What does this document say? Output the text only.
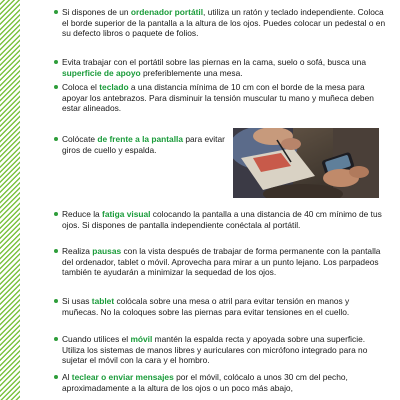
Si dispones de un ordenador portátil, utiliza un ratón y teclado independiente. Coloca el borde superior de la pantalla a la altura de los ojos. Puedes colocar un pedestal o en su defecto libros o paquete de folios.

Evita trabajar con el portátil sobre las piernas en la cama, suelo o sofá, busca una superficie de apoyo preferiblemente una mesa.

Coloca el teclado a una distancia mínima de 10 cm con el borde de la mesa para apoyar los antebrazos. Para disminuir la tensión muscular tu mano y muñeca deben estar alineados.

Colócate de frente a la pantalla para evitar giros de cuello y espalda.

Reduce la fatiga visual colocando la pantalla a una distancia de 40 cm mínimo de tus ojos. Si dispones de pantalla independiente conéctala al portátil.

Realiza pausas con la vista después de trabajar de forma permanente con la pantalla del ordenador, tablet o móvil. Aprovecha para mirar a un punto lejano. Los parpadeos también te ayudarán a minimizar la sequedad de los ojos.

Si usas tablet colócala sobre una mesa o atril para evitar tensión en manos y muñecas. No la coloques sobre las piernas para evitar tensiones en el cuello.

Cuando utilices el móvil mantén la espalda recta y apoyada sobre una superficie. Utiliza los sistemas de manos libres y auriculares con micrófono integrado para no sujetar el móvil con la cara y el hombro.

Al teclear o enviar mensajes por el móvil, colócalo a unos 30 cm del pecho, aproximadamente a la altura de los ojos o un poco más abajo,
